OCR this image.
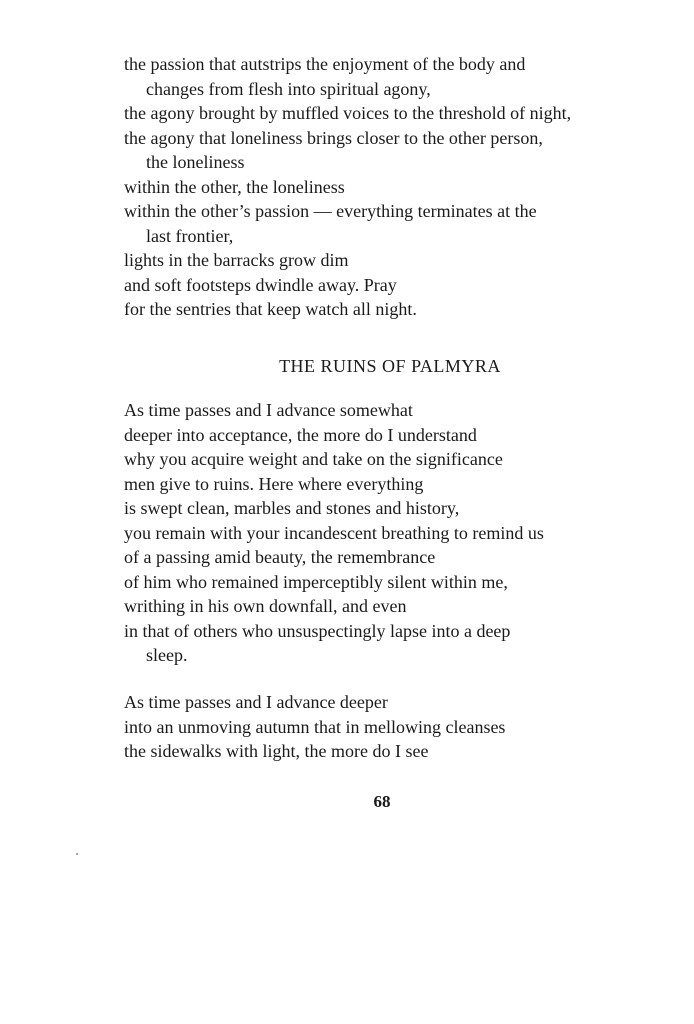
the passion that autstrips the enjoyment of the body and
changes from flesh into spiritual agony,
the agony brought by muffled voices to the threshold of night,
the agony that loneliness brings closer to the other person,
the loneliness
within the other, the loneliness
within the other’s passion — everything terminates at the
last frontier,
lights in the barracks grow dim
and soft footsteps dwindle away. Pray
for the sentries that keep watch all night.
THE RUINS OF PALMYRA
As time passes and I advance somewhat
deeper into acceptance, the more do I understand
why you acquire weight and take on the significance
men give to ruins. Here where everything
is swept clean, marbles and stones and history,
you remain with your incandescent breathing to remind us
of a passing amid beauty, the remembrance
of him who remained imperceptibly silent within me,
writhing in his own downfall, and even
in that of others who unsuspectingly lapse into a deep
sleep.
As time passes and I advance deeper
into an unmoving autumn that in mellowing cleanses
the sidewalks with light, the more do I see
68
